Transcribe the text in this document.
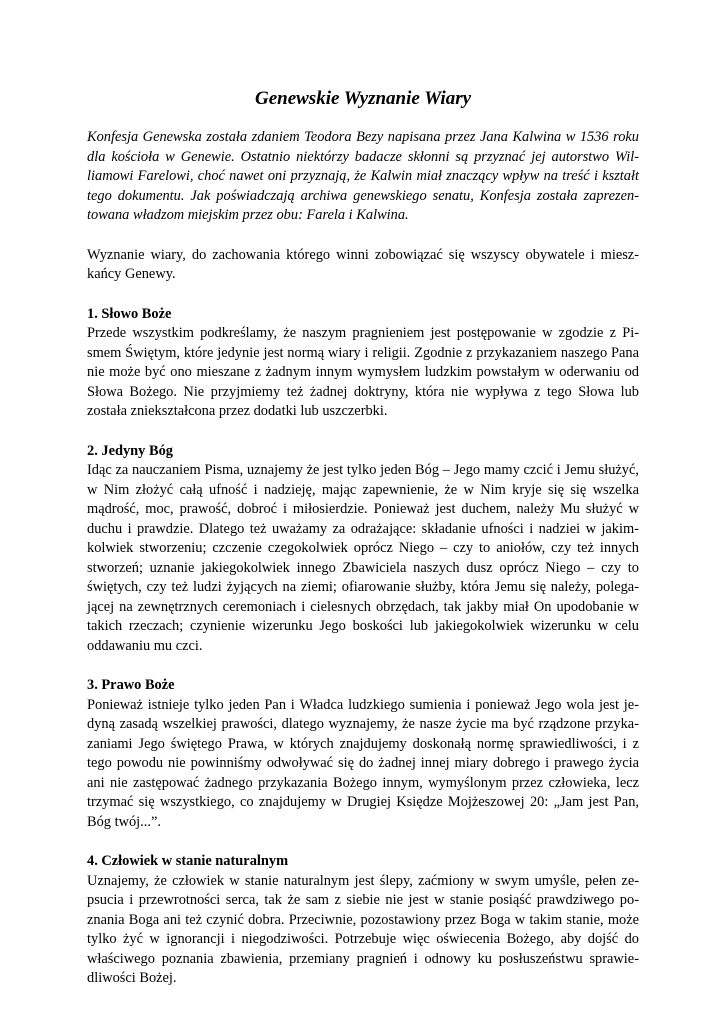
Genewskie Wyznanie Wiary

Konfesja Genewska została zdaniem Teodora Bezy napisana przez Jana Kalwina w 1536 roku dla kościoła w Genewie. Ostatnio niektórzy badacze skłonni są przyznać jej autorstwo Williamowi Farelowi, choć nawet oni przyznają, że Kalwin miał znaczący wpływ na treść i kształt tego dokumentu. Jak poświadczają archiwa genewskiego senatu, Konfesja została zaprezentowana władzom miejskim przez obu: Farela i Kalwina.

Wyznanie wiary, do zachowania którego winni zobowiązać się wszyscy obywatele i mieszkańcy Genewy.

1. Słowo Boże

Przede wszystkim podkreślamy, że naszym pragnieniem jest postępowanie w zgodzie z Pismem Świętym, które jedynie jest normą wiary i religii. Zgodnie z przykazaniem naszego Pana nie może być ono mieszane z żadnym innym wymysłem ludzkim powstałym w oderwaniu od Słowa Bożego. Nie przyjmiemy też żadnej doktryny, która nie wypływa z tego Słowa lub została zniekształcona przez dodatki lub uszczerbki.

2. Jedyny Bóg

Idąc za nauczaniem Pisma, uznajemy że jest tylko jeden Bóg – Jego mamy czcić i Jemu służyć, w Nim złożyć całą ufność i nadzieję, mając zapewnienie, że w Nim kryje się się wszelka mądrość, moc, prawość, dobroć i miłosierdzie. Ponieważ jest duchem, należy Mu służyć w duchu i prawdzie. Dlatego też uważamy za odrażające: składanie ufności i nadziei w jakimkolwiek stworzeniu; czczenie czegokolwiek oprócz Niego – czy to aniołów, czy też innych stworzeń; uznanie jakiegokolwiek innego Zbawiciela naszych dusz oprócz Niego – czy to świętych, czy też ludzi żyjących na ziemi; ofiarowanie służby, która Jemu się należy, polegającej na zewnętrznych ceremoniach i cielesnych obrzędach, tak jakby miał On upodobanie w takich rzeczach; czynienie wizerunku Jego boskości lub jakiegokolwiek wizerunku w celu oddawaniu mu czci.

3. Prawo Boże

Ponieważ istnieje tylko jeden Pan i Władca ludzkiego sumienia i ponieważ Jego wola jest jedyną zasadą wszelkiej prawości, dlatego wyznajemy, że nasze życie ma być rządzone przykazaniami Jego świętego Prawa, w których znajdujemy doskonałą normę sprawiedliwości, i z tego powodu nie powinniśmy odwoływać się do żadnej innej miary dobrego i prawego życia ani nie zastępować żadnego przykazania Bożego innym, wymyślonym przez człowieka, lecz trzymać się wszystkiego, co znajdujemy w Drugiej Księdze Mojżeszowej 20: „Jam jest Pan, Bóg twój...”.

4. Człowiek w stanie naturalnym

Uznajemy, że człowiek w stanie naturalnym jest ślepy, zaćmiony w swym umyśle, pełen zepsucia i przewrotności serca, tak że sam z siebie nie jest w stanie posiąść prawdziwego poznania Boga ani też czynić dobra. Przeciwnie, pozostawiony przez Boga w takim stanie, może tylko żyć w ignorancji i niegodziwości. Potrzebuje więc oświecenia Bożego, aby dojść do właściwego poznania zbawienia, przemiany pragnień i odnowy ku posłuszeństwu sprawiedliwości Bożej.
